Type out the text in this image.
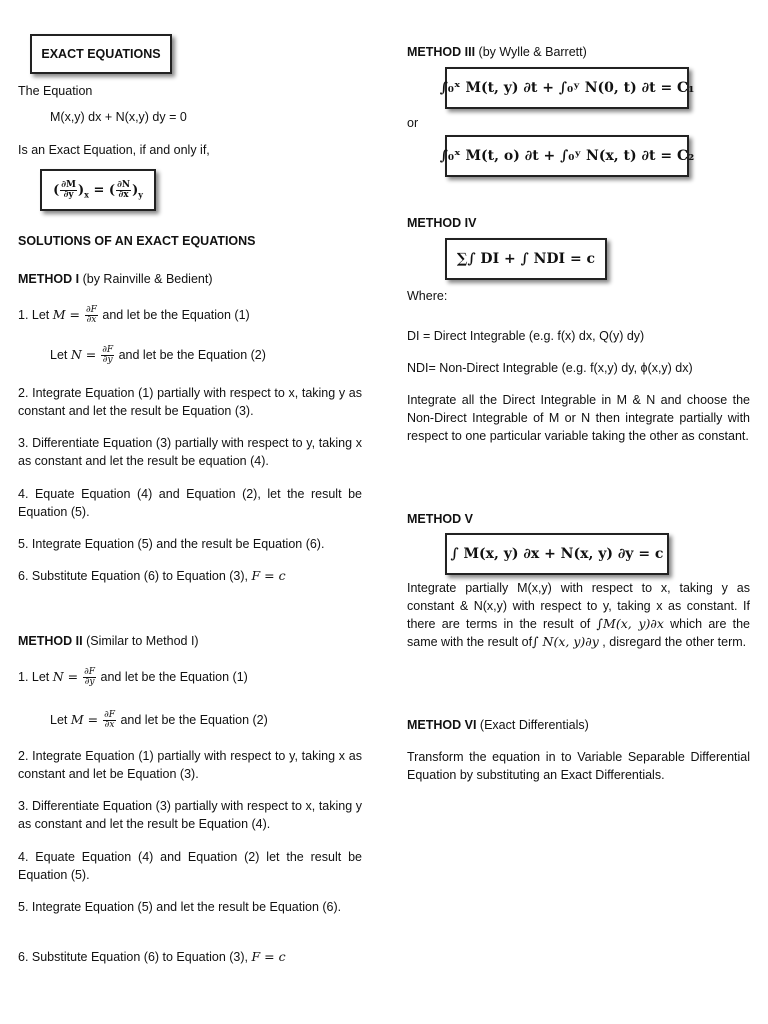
EXACT EQUATIONS
The Equation
M(x,y) dx + N(x,y) dy = 0
Is an Exact Equation, if and only if,
( $\frac{\partial M}{\partial y} )_x$ = ( $\frac{\partial N}{\partial x} )_y$
SOLUTIONS OF AN EXACT EQUATIONS
METHOD I (by Rainville & Bedient)
1. Let $M = \frac{\partial F}{\partial x}$ and let be the Equation (1)
Let $N = \frac{\partial F}{\partial y}$ and let be the Equation (2)
2. Integrate Equation (1) partially with respect to x, taking y as constant and let the result be Equation (3).
3. Differentiate Equation (3) partially with respect to y, taking x as constant and let the result be equation (4).
4. Equate Equation (4) and Equation (2), let the result be Equation (5).
5. Integrate Equation (5) and the result be Equation (6).
6. Substitute Equation (6) to Equation (3), F = c
METHOD II (Similar to Method I)
1. Let $N = \frac{\partial F}{\partial y}$ and let be the Equation (1)
Let $M = \frac{\partial F}{\partial x}$ and let be the Equation (2)
2. Integrate Equation (1) partially with respect to y, taking x as constant and let be Equation (3).
3. Differentiate Equation (3) partially with respect to x, taking y as constant and let the result be Equation (4).
4. Equate Equation (4) and Equation (2) let the result be Equation (5).
5. Integrate Equation (5) and let the result be Equation (6).
6. Substitute Equation (6) to Equation (3), F = c
METHOD III (by Wylle & Barrett)
∫₀ˣ M(t, y) ∂t + ∫₀ʸ N(0, t) ∂t = C₁
or
∫₀ˣ M(t, o) ∂t + ∫₀ʸ N(x, t) ∂t = C₂
METHOD IV
∑∫ DI + ∫ NDI = c
Where:
DI = Direct Integrable (e.g. f(x) dx, Q(y) dy)
NDI= Non-Direct Integrable (e.g. f(x,y) dy, ϕ(x,y) dx)
Integrate all the Direct Integrable in M & N and choose the Non-Direct Integrable of M or N then integrate partially with respect to one particular variable taking the other as constant.
METHOD V
∫ M(x, y) ∂x + N(x, y) ∂y = c
Integrate partially M(x,y) with respect to x, taking y as constant & N(x,y) with respect to y, taking x as constant. If there are terms in the result of ∫M(x, y)∂x which are the same with the result of∫ N(x, y)∂y , disregard the other term.
METHOD VI (Exact Differentials)
Transform the equation in to Variable Separable Differential Equation by substituting an Exact Differentials.
